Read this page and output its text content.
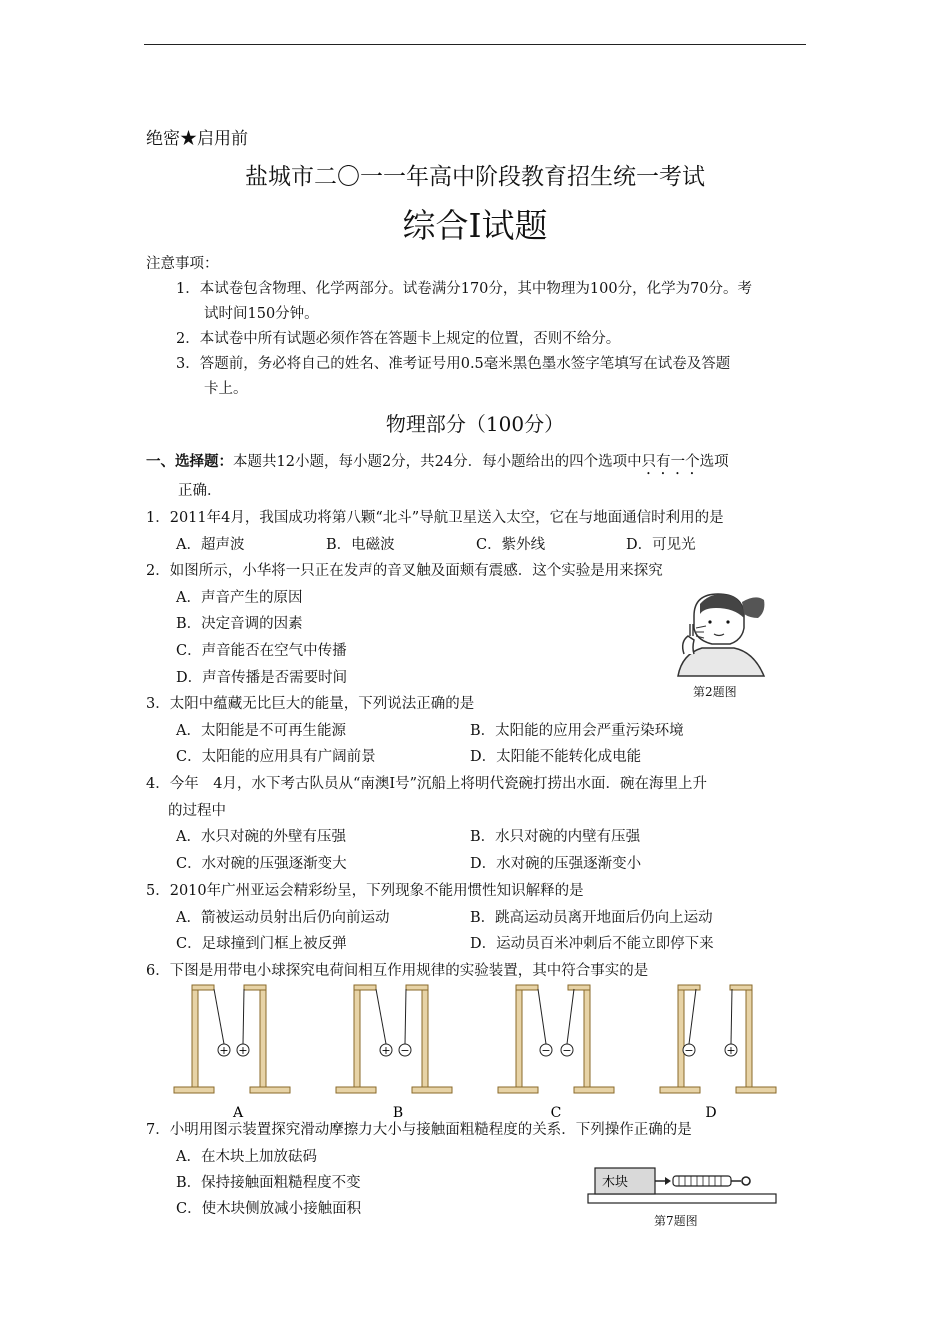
绝密★启用前
盐城市二〇一一年高中阶段教育招生统一考试
综合Ⅰ试题
注意事项：
1．本试卷包含物理、化学两部分。试卷满分170分，其中物理为100分，化学为70分。考
试时间150分钟。
2．本试卷中所有试题必须作答在答题卡上规定的位置，否则不给分。
3．答题前，务必将自己的姓名、准考证号用0.5毫米黑色墨水签字笔填写在试卷及答题
卡上。
物理部分（100分）
一、选择题：本题共12小题，每小题2分，共24分．每小题给出的四个选项中只有一个选项
正确．
1．2011年4月，我国成功将第八颗“北斗”导航卫星送入太空，它在与地面通信时利用的是
A．超声波	B．电磁波	C．紫外线	D．可见光
2．如图所示，小华将一只正在发声的音叉触及面颊有震感．这个实验是用来探究
A．声音产生的原因
B．决定音调的因素
C．声音能否在空气中传播
D．声音传播是否需要时间
第2题图
3．太阳中蕴藏无比巨大的能量，下列说法正确的是
A．太阳能是不可再生能源	B．太阳能的应用会严重污染环境
C．太阳能的应用具有广阔前景	D．太阳能不能转化成电能
4．今年　4月，水下考古队员从“南澳Ⅰ号”沉船上将明代瓷碗打捞出水面．碗在海里上升
的过程中
A．水只对碗的外壁有压强	B．水只对碗的内壁有压强
C．水对碗的压强逐渐变大	D．水对碗的压强逐渐变小
5．2010年广州亚运会精彩纷呈，下列现象不能用惯性知识解释的是
A．箭被运动员射出后仍向前运动	B．跳高运动员离开地面后仍向上运动
C．足球撞到门框上被反弹	D．运动员百米冲刺后不能立即停下来
6．下图是用带电小球探究电荷间相互作用规律的实验装置，其中符合事实的是
+ +
A
+ −
B
− −
C
−	+
D
7．小明用图示装置探究滑动摩擦力大小与接触面粗糙程度的关系．下列操作正确的是
A．在木块上加放砝码
B．保持接触面粗糙程度不变
C．使木块侧放减小接触面积
木块
第7题图
